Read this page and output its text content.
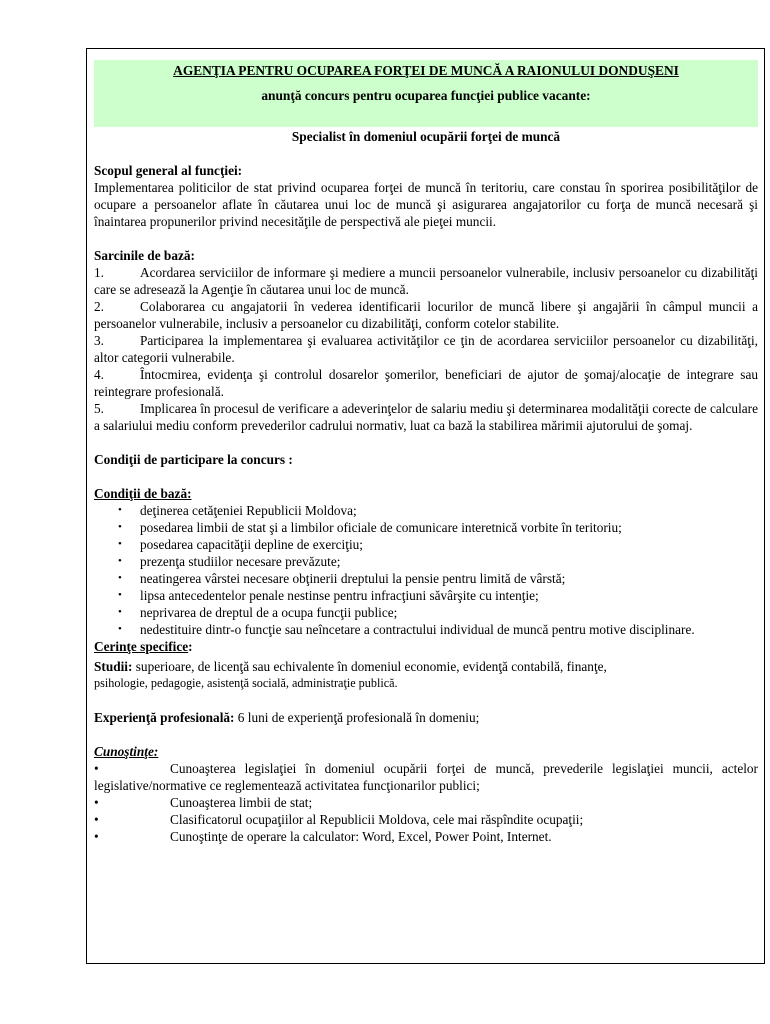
AGENŢIA PENTRU OCUPAREA FORŢEI DE MUNCĂ A RAIONULUI DONDUŞENI
anunţă concurs pentru ocuparea funcţiei publice vacante:
Specialist în domeniul ocupării forţei de muncă
Scopul general al funcţiei:
Implementarea politicilor de stat privind ocuparea forţei de muncă în teritoriu, care constau în sporirea posibilităţilor de ocupare a persoanelor aflate în căutarea unui loc de muncă şi asigurarea angajatorilor cu forţa de muncă necesară şi înaintarea propunerilor privind necesităţile de perspectivă ale pieţei muncii.
Sarcinile de bază:
1.	Acordarea serviciilor de informare şi mediere a muncii persoanelor vulnerabile, inclusiv persoanelor cu dizabilităţi care se adresează la Agenţie în căutarea unui loc de muncă.
2.	Colaborarea cu angajatorii în vederea identificarii locurilor de muncă libere şi angajării în câmpul muncii a persoanelor vulnerabile, inclusiv a persoanelor cu dizabilităţi, conform cotelor stabilite.
3.	Participarea la implementarea şi evaluarea activităţilor ce ţin de acordarea serviciilor persoanelor cu dizabilităţi, altor categorii vulnerabile.
4.	Întocmirea, evidenţa şi controlul dosarelor şomerilor, beneficiari de ajutor de şomaj/alocaţie de integrare sau reintegrare profesională.
5.	Implicarea în procesul de verificare a adeverinţelor de salariu mediu şi determinarea modalităţii corecte de calculare a salariului mediu conform prevederilor cadrului normativ, luat ca bază la stabilirea mărimii ajutorului de şomaj.
Condiţii de participare la concurs :
Condiţii de bază:
• deţinerea cetăţeniei Republicii Moldova;
• posedarea limbii de stat şi a limbilor oficiale de comunicare interetnică vorbite în teritoriu;
• posedarea capacităţii depline de exerciţiu;
• prezenţa studiilor necesare prevăzute;
• neatingerea vârstei necesare obţinerii dreptului la pensie pentru limită de vârstă;
• lipsa antecedentelor penale nestinse pentru infracţiuni săvârşite cu intenţie;
• neprivarea de dreptul de a ocupa funcţii publice;
• nedestituire dintr-o funcţie sau neîncetare a contractului individual de muncă pentru motive disciplinare.
Cerinţe specifice:
Studii: superioare, de licenţă sau echivalente în domeniul economie, evidenţă contabilă, finanţe,
psihologie, pedagogie, asistenţă socială, administraţie publică.
Experienţă profesională: 6 luni de experienţă profesională în domeniu;
Cunoştinţe:
•	Cunoaşterea legislaţiei în domeniul ocupării forţei de muncă, prevederile legislaţiei muncii, actelor legislative/normative ce reglementează activitatea funcţionarilor publici;
•	Cunoaşterea limbii de stat;
•	Clasificatorul ocupaţiilor al Republicii Moldova, cele mai răspîndite ocupaţii;
•	Cunoştinţe de operare la calculator: Word, Excel, Power Point, Internet.
